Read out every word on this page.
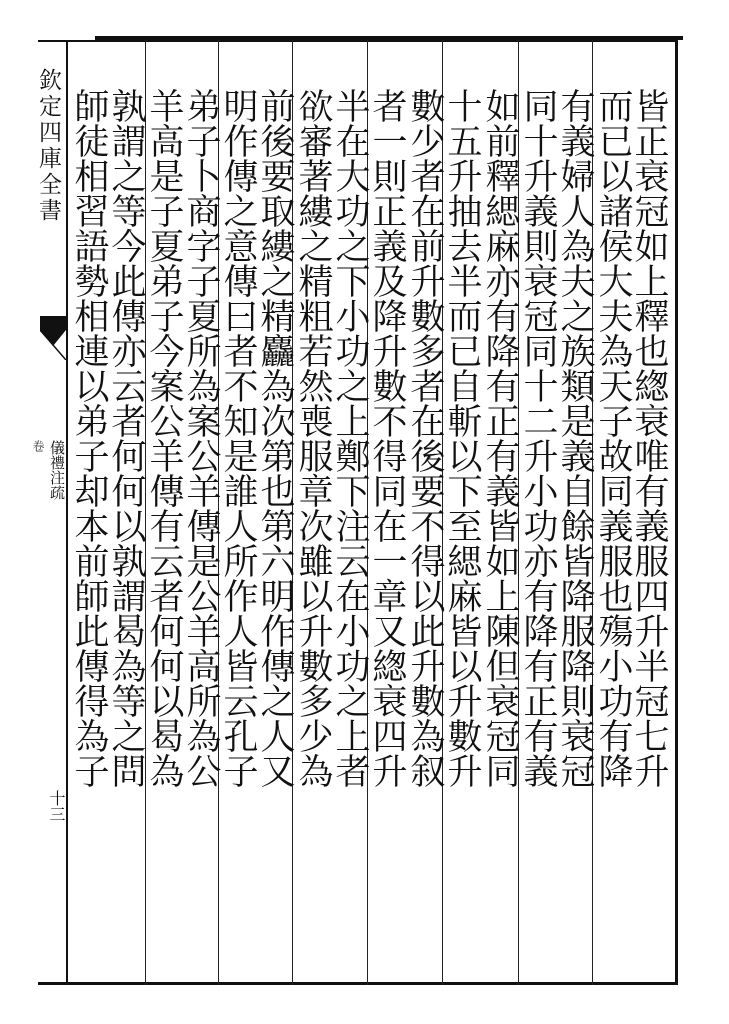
欽定四庫全書
卷 儀禮注疏
十三
皆正衰冠如上釋也緫衰唯有義服四升半冠七升
而已以諸侯大夫為天子故同義服也殤小功有降
有義婦人為夫之族類是義自餘皆降服降則衰冠
同十升義則衰冠同十二升小功亦有降有正有義
如前釋緦麻亦有降有正有義皆如上陳但衰冠同
十五升抽去半而已自斬以下至緦麻皆以升數升
數少者在前升數多者在後要不得以此升數為叙
者一則正義及降升數不得同在一章又緫衰四升
半在大功之下小功之上鄭下注云在小功之上者
欲審著縷之精粗若然喪服章次雖以升數多少為
前後要取縷之精麤為次第也第六明作傳之人又
明作傳之意傳曰者不知是誰人所作人皆云孔子
弟子卜商字子夏所為案公羊傳是公羊高所為公
羊高是子夏弟子今案公羊傳有云者何何以曷為
孰謂之等今此傳亦云者何何以孰謂曷為等之問
師徒相習語勢相連以弟子却本前師此傳得為子
